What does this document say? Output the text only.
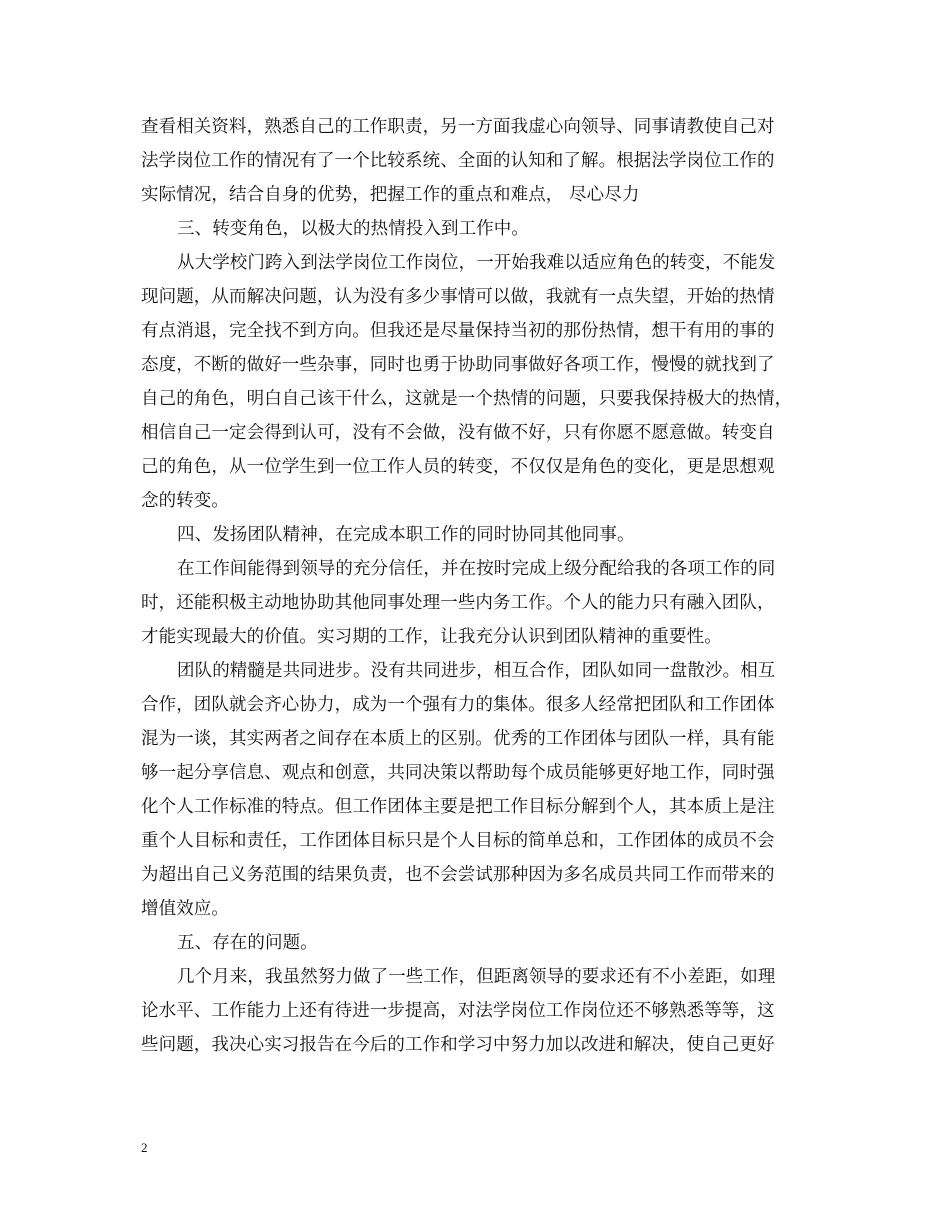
查看相关资料，熟悉自己的工作职责，另一方面我虚心向领导、同事请教使自己对
法学岗位工作的情况有了一个比较系统、全面的认知和了解。根据法学岗位工作的
实际情况，结合自身的优势，把握工作的重点和难点， 尽心尽力
三、转变角色，以极大的热情投入到工作中。
从大学校门跨入到法学岗位工作岗位，一开始我难以适应角色的转变，不能发
现问题，从而解决问题，认为没有多少事情可以做，我就有一点失望，开始的热情
有点消退，完全找不到方向。但我还是尽量保持当初的那份热情，想干有用的事的
态度，不断的做好一些杂事，同时也勇于协助同事做好各项工作，慢慢的就找到了
自己的角色，明白自己该干什么，这就是一个热情的问题，只要我保持极大的热情，
相信自己一定会得到认可，没有不会做，没有做不好，只有你愿不愿意做。转变自
己的角色，从一位学生到一位工作人员的转变，不仅仅是角色的变化，更是思想观
念的转变。
四、发扬团队精神，在完成本职工作的同时协同其他同事。
在工作间能得到领导的充分信任，并在按时完成上级分配给我的各项工作的同
时，还能积极主动地协助其他同事处理一些内务工作。个人的能力只有融入团队，
才能实现最大的价值。实习期的工作，让我充分认识到团队精神的重要性。
团队的精髓是共同进步。没有共同进步，相互合作，团队如同一盘散沙。相互
合作，团队就会齐心协力，成为一个强有力的集体。很多人经常把团队和工作团体
混为一谈，其实两者之间存在本质上的区别。优秀的工作团体与团队一样，具有能
够一起分享信息、观点和创意，共同决策以帮助每个成员能够更好地工作，同时强
化个人工作标准的特点。但工作团体主要是把工作目标分解到个人，其本质上是注
重个人目标和责任，工作团体目标只是个人目标的简单总和，工作团体的成员不会
为超出自己义务范围的结果负责，也不会尝试那种因为多名成员共同工作而带来的
增值效应。
五、存在的问题。
几个月来，我虽然努力做了一些工作，但距离领导的要求还有不小差距，如理
论水平、工作能力上还有待进一步提高，对法学岗位工作岗位还不够熟悉等等，这
些问题，我决心实习报告在今后的工作和学习中努力加以改进和解决，使自己更好
2
